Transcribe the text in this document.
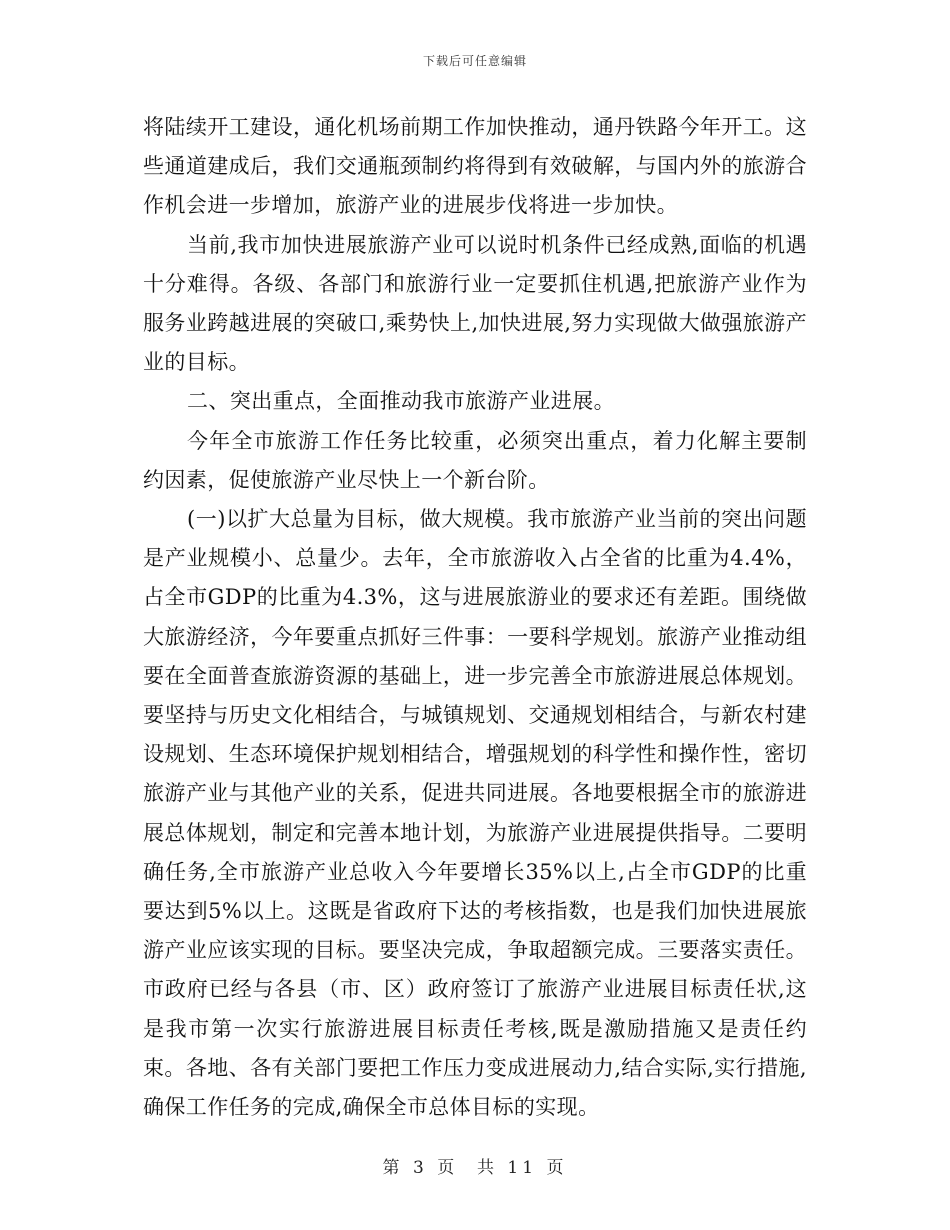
下载后可任意编辑

将陆续开工建设，通化机场前期工作加快推动，通丹铁路今年开工。这些通道建成后，我们交通瓶颈制约将得到有效破解，与国内外的旅游合作机会进一步增加，旅游产业的进展步伐将进一步加快。

当前,我市加快进展旅游产业可以说时机条件已经成熟,面临的机遇十分难得。各级、各部门和旅游行业一定要抓住机遇,把旅游产业作为服务业跨越进展的突破口,乘势快上,加快进展,努力实现做大做强旅游产业的目标。

二、突出重点，全面推动我市旅游产业进展。

今年全市旅游工作任务比较重，必须突出重点，着力化解主要制约因素，促使旅游产业尽快上一个新台阶。

(一)以扩大总量为目标，做大规模。我市旅游产业当前的突出问题是产业规模小、总量少。去年，全市旅游收入占全省的比重为4.4%，占全市GDP的比重为4.3%，这与进展旅游业的要求还有差距。围绕做大旅游经济，今年要重点抓好三件事：一要科学规划。旅游产业推动组要在全面普查旅游资源的基础上，进一步完善全市旅游进展总体规划。要坚持与历史文化相结合，与城镇规划、交通规划相结合，与新农村建设规划、生态环境保护规划相结合，增强规划的科学性和操作性，密切旅游产业与其他产业的关系，促进共同进展。各地要根据全市的旅游进展总体规划，制定和完善本地计划，为旅游产业进展提供指导。二要明确任务,全市旅游产业总收入今年要增长35%以上,占全市GDP的比重要达到5%以上。这既是省政府下达的考核指数，也是我们加快进展旅游产业应该实现的目标。要坚决完成，争取超额完成。三要落实责任。市政府已经与各县（市、区）政府签订了旅游产业进展目标责任状,这是我市第一次实行旅游进展目标责任考核,既是激励措施又是责任约束。各地、各有关部门要把工作压力变成进展动力,结合实际,实行措施,确保工作任务的完成,确保全市总体目标的实现。

第 3 页  共 11 页
